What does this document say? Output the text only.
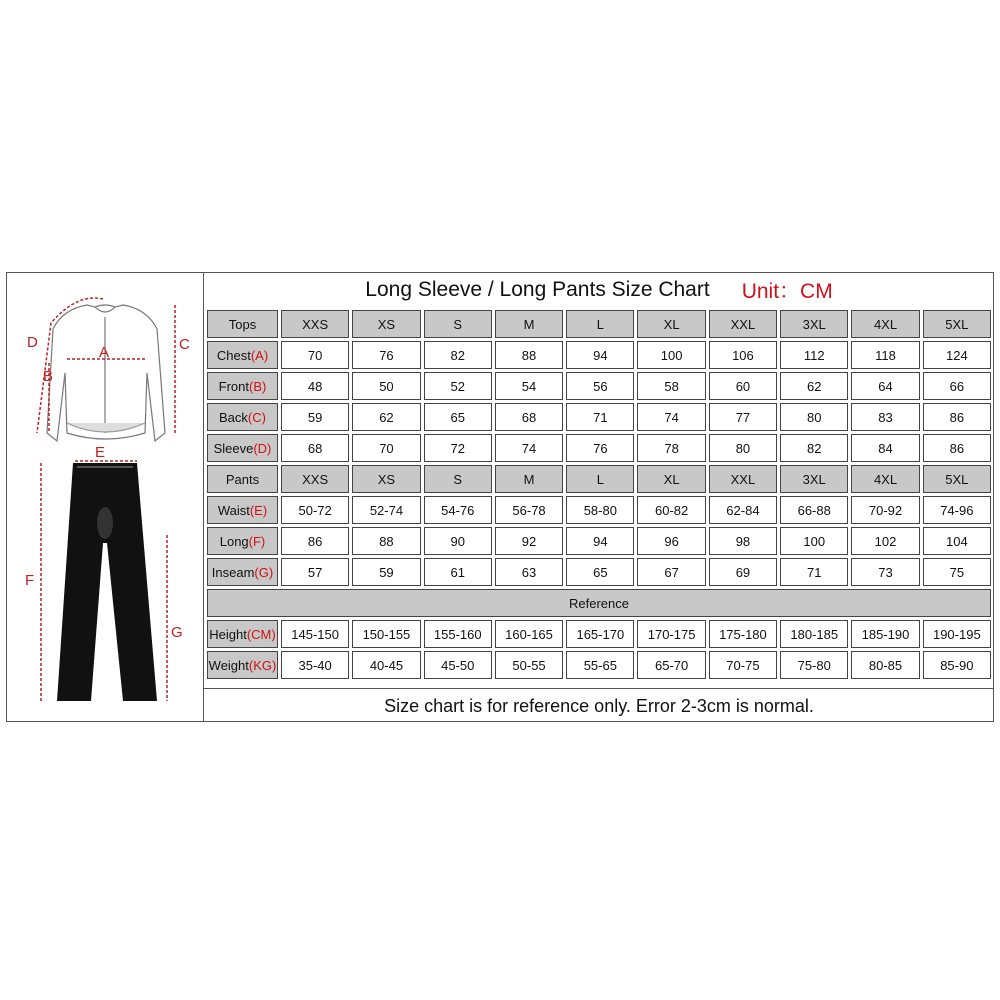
D
B
C
A
E
F
G
Long Sleeve / Long Pants Size Chart Unit：CM
Tops	XXS	XS	S	M	L	XL	XXL	3XL	4XL	5XL
Chest(A)	70	76	82	88	94	100	106	112	118	124
Front(B)	48	50	52	54	56	58	60	62	64	66
Back(C)	59	62	65	68	71	74	77	80	83	86
Sleeve(D)	68	70	72	74	76	78	80	82	84	86
Pants	XXS	XS	S	M	L	XL	XXL	3XL	4XL	5XL
Waist(E)	50-72	52-74	54-76	56-78	58-80	60-82	62-84	66-88	70-92	74-96
Long(F)	86	88	90	92	94	96	98	100	102	104
Inseam(G)	57	59	61	63	65	67	69	71	73	75
Reference										
Height(CM)	145-150	150-155	155-160	160-165	165-170	170-175	175-180	180-185	185-190	190-195
Weight(KG)	35-40	40-45	45-50	50-55	55-65	65-70	70-75	75-80	80-85	85-90
Size chart is for reference only. Error 2-3cm is normal.
